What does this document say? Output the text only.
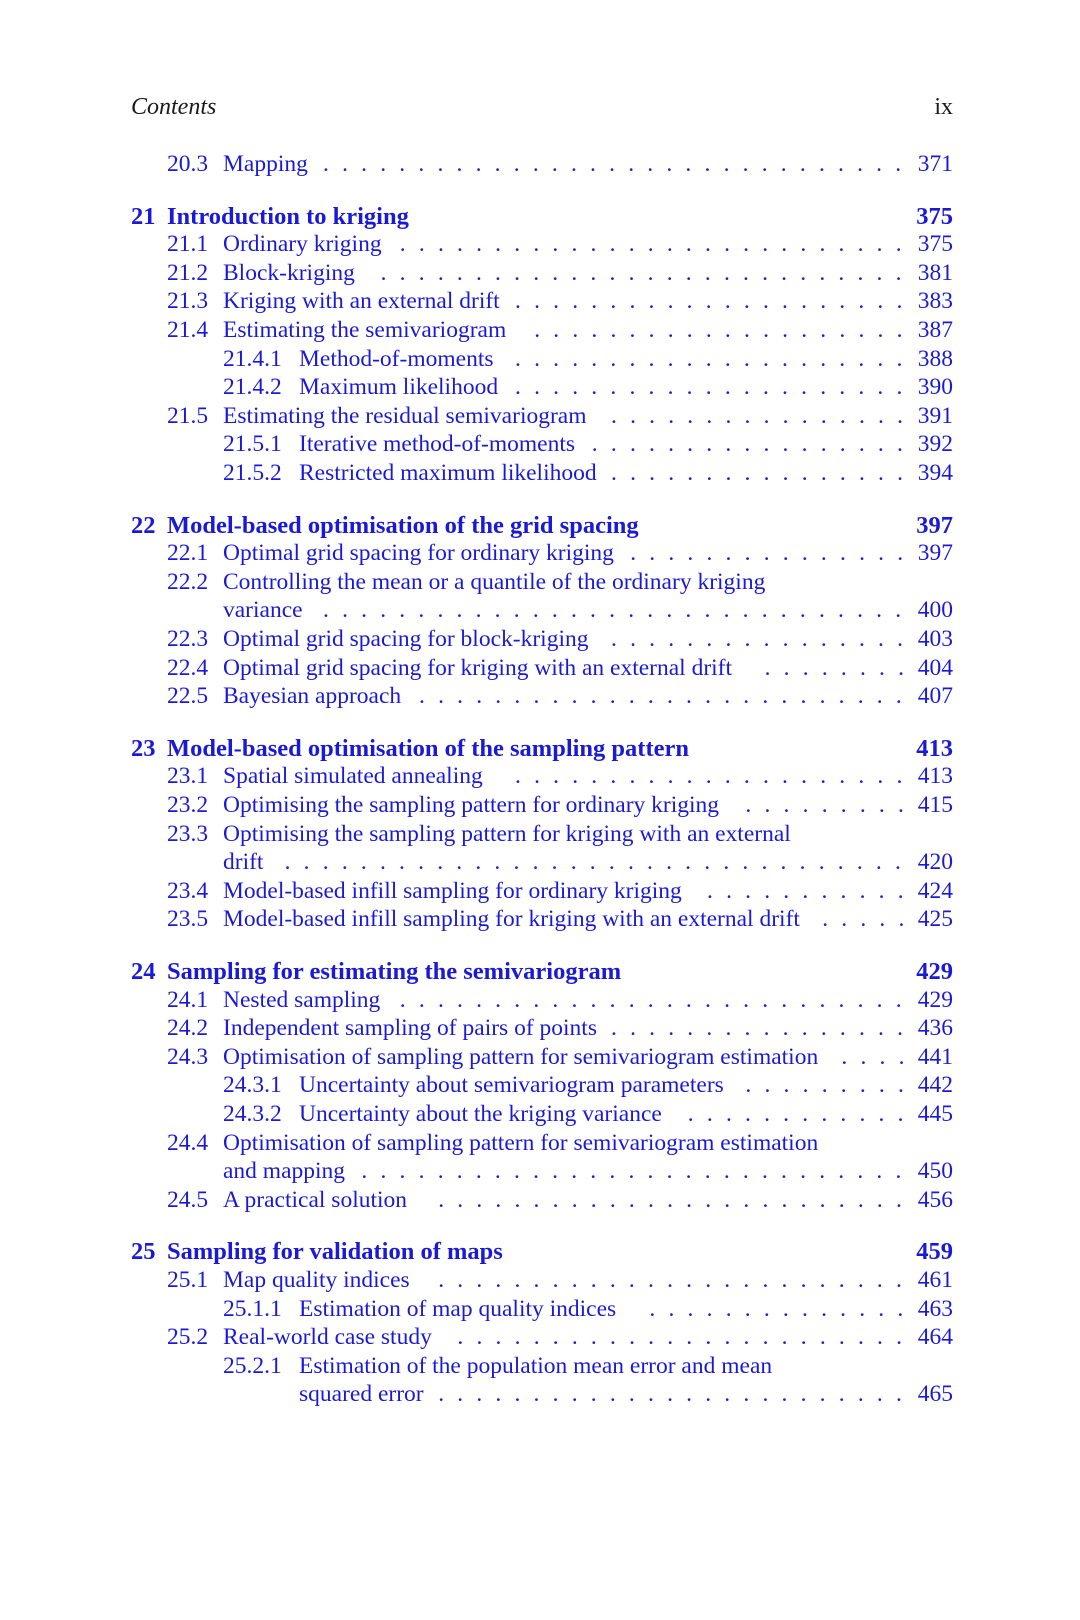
Contents	ix
20.3 Mapping	371
...............................
21 Introduction to kriging	375
21.1 Ordinary kriging	375
...........................
21.2 Block-kriging	381
............................
21.3 Kriging with an external drift	383
.....................
21.4 Estimating the semivariogram	387
....................
21.4.1 Method-of-moments	388
.....................
21.4.2 Maximum likelihood	390
.....................
21.5 Estimating the residual semivariogram	391
................
21.5.1 Iterative method-of-moments	392
.................
21.5.2 Restricted maximum likelihood	394
................
22 Model-based optimisation of the grid spacing	397
22.1 Optimal grid spacing for ordinary kriging	397
...............
22.2 Controlling the mean or a quantile of the ordinary kriging
variance	400
...............................
22.3 Optimal grid spacing for block-kriging	403
................
22.4 Optimal grid spacing for kriging with an external drift	404
........
22.5 Bayesian approach	407
..........................
23 Model-based optimisation of the sampling pattern	413
23.1 Spatial simulated annealing	413
.....................
23.2 Optimising the sampling pattern for ordinary kriging	415
.........
23.3 Optimising the sampling pattern for kriging with an external
drift	420
.................................
23.4 Model-based infill sampling for ordinary kriging	424
...........
23.5 Model-based infill sampling for kriging with an external drift	425
.....
24 Sampling for estimating the semivariogram	429
24.1 Nested sampling	429
...........................
24.2 Independent sampling of pairs of points	436
................
24.3 Optimisation of sampling pattern for semivariogram estimation	441
....
24.3.1 Uncertainty about semivariogram parameters	442
.........
24.3.2 Uncertainty about the kriging variance	445
............
24.4 Optimisation of sampling pattern for semivariogram estimation
and mapping	450
.............................
24.5 A practical solution	456
.........................
25 Sampling for validation of maps	459
25.1 Map quality indices	461
.........................
25.1.1 Estimation of map quality indices	463
..............
25.2 Real-world case study	464
........................
25.2.1 Estimation of the population mean error and mean
squared error	465
.........................
